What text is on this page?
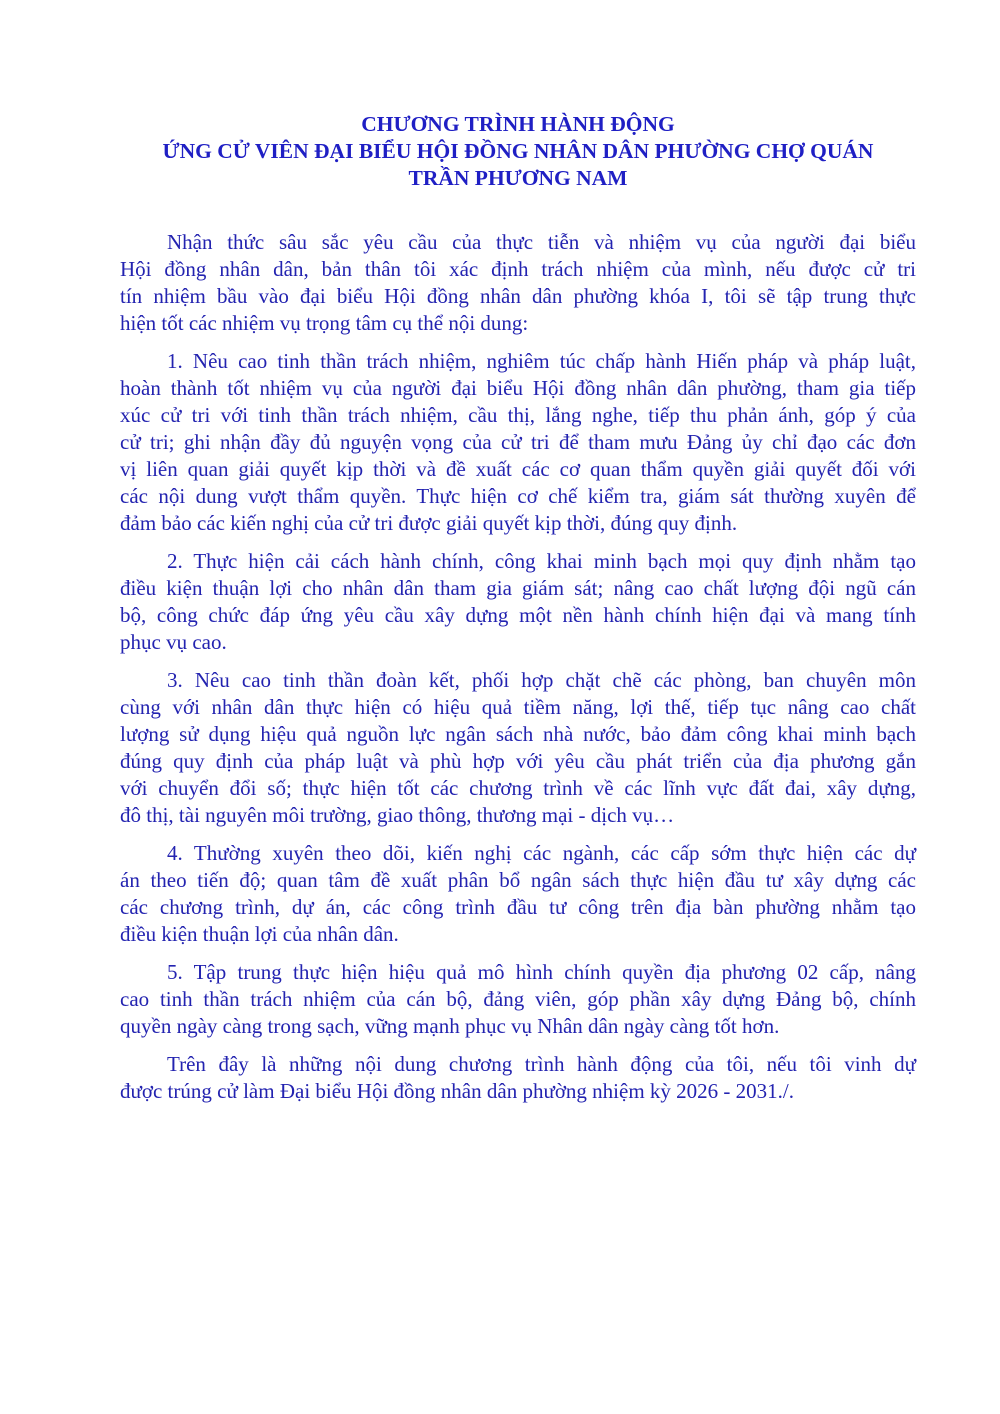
CHƯƠNG TRÌNH HÀNH ĐỘNG
ỨNG CỬ VIÊN ĐẠI BIỂU HỘI ĐỒNG NHÂN DÂN PHƯỜNG CHỢ QUÁN
TRẦN PHƯƠNG NAM
Nhận thức sâu sắc yêu cầu của thực tiễn và nhiệm vụ của người đại biểu
Hội đồng nhân dân, bản thân tôi xác định trách nhiệm của mình, nếu được cử tri
tín nhiệm bầu vào đại biểu Hội đồng nhân dân phường khóa I, tôi sẽ tập trung thực
hiện tốt các nhiệm vụ trọng tâm cụ thể nội dung:
1. Nêu cao tinh thần trách nhiệm, nghiêm túc chấp hành Hiến pháp và pháp luật,
hoàn thành tốt nhiệm vụ của người đại biểu Hội đồng nhân dân phường, tham gia tiếp
xúc cử tri với tinh thần trách nhiệm, cầu thị, lắng nghe, tiếp thu phản ánh, góp ý của
cử tri; ghi nhận đầy đủ nguyện vọng của cử tri để tham mưu Đảng ủy chỉ đạo các đơn
vị liên quan giải quyết kịp thời và đề xuất các cơ quan thẩm quyền giải quyết đối với
các nội dung vượt thẩm quyền. Thực hiện cơ chế kiểm tra, giám sát thường xuyên để
đảm bảo các kiến nghị của cử tri được giải quyết kịp thời, đúng quy định.
2. Thực hiện cải cách hành chính, công khai minh bạch mọi quy định nhằm tạo
điều kiện thuận lợi cho nhân dân tham gia giám sát; nâng cao chất lượng đội ngũ cán
bộ, công chức đáp ứng yêu cầu xây dựng một nền hành chính hiện đại và mang tính
phục vụ cao.
3. Nêu cao tinh thần đoàn kết, phối hợp chặt chẽ các phòng, ban chuyên môn
cùng với nhân dân thực hiện có hiệu quả tiềm năng, lợi thế, tiếp tục nâng cao chất
lượng sử dụng hiệu quả nguồn lực ngân sách nhà nước, bảo đảm công khai minh bạch
đúng quy định của pháp luật và phù hợp với yêu cầu phát triển của địa phương gắn
với chuyển đổi số; thực hiện tốt các chương trình về các lĩnh vực đất đai, xây dựng,
đô thị, tài nguyên môi trường, giao thông, thương mại - dịch vụ…
4. Thường xuyên theo dõi, kiến nghị các ngành, các cấp sớm thực hiện các dự
án theo tiến độ; quan tâm đề xuất phân bổ ngân sách thực hiện đầu tư xây dựng các
các chương trình, dự án, các công trình đầu tư công trên địa bàn phường nhằm tạo
điều kiện thuận lợi của nhân dân.
5. Tập trung thực hiện hiệu quả mô hình chính quyền địa phương 02 cấp, nâng
cao tinh thần trách nhiệm của cán bộ, đảng viên, góp phần xây dựng Đảng bộ, chính
quyền ngày càng trong sạch, vững mạnh phục vụ Nhân dân ngày càng tốt hơn.
Trên đây là những nội dung chương trình hành động của tôi, nếu tôi vinh dự
được trúng cử làm Đại biểu Hội đồng nhân dân phường nhiệm kỳ 2026 - 2031./.
